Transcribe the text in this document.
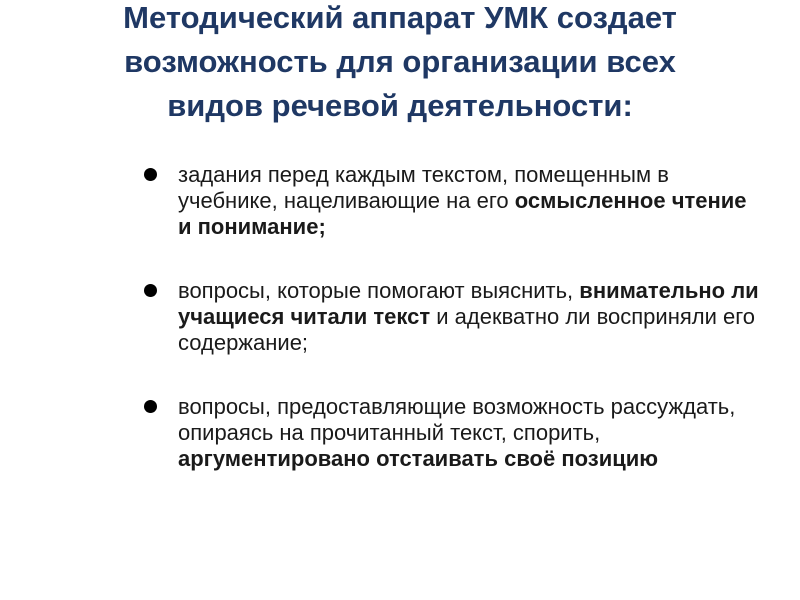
Методический аппарат УМК создает возможность для организации всех видов речевой деятельности:
задания перед каждым текстом, помещенным в учебнике, нацеливающие на его осмысленное чтение и понимание;
вопросы, которые помогают выяснить, внимательно ли учащиеся читали текст и адекватно ли восприняли его содержание;
вопросы, предоставляющие возможность рассуждать, опираясь на прочитанный текст, спорить, аргументировано отстаивать своё позицию
